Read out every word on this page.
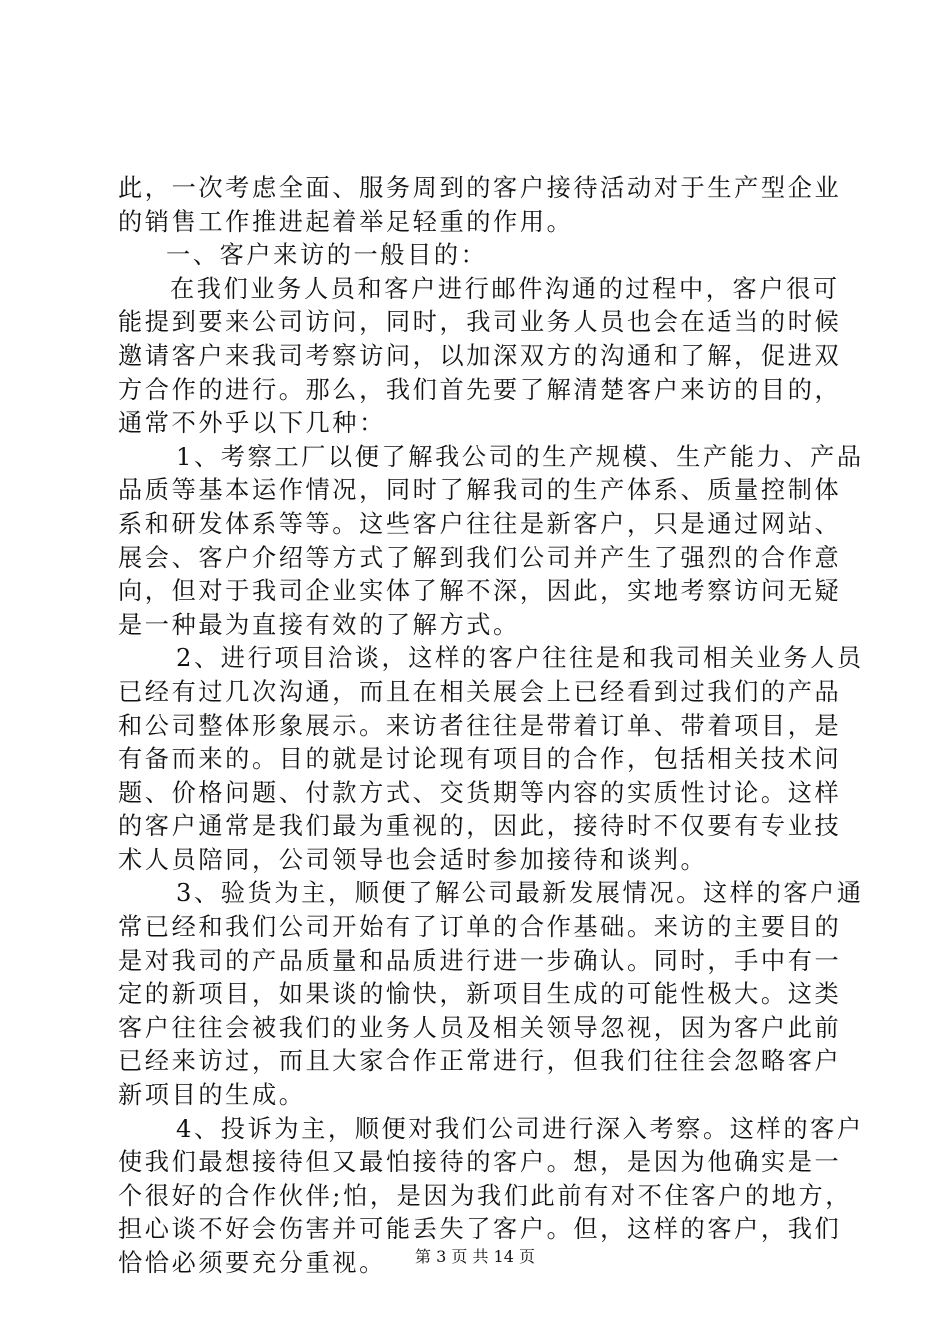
此，一次考虑全面、服务周到的客户接待活动对于生产型企业
的销售工作推进起着举足轻重的作用。
一、客户来访的一般目的：
在我们业务人员和客户进行邮件沟通的过程中，客户很可
能提到要来公司访问，同时，我司业务人员也会在适当的时候
邀请客户来我司考察访问，以加深双方的沟通和了解，促进双
方合作的进行。那么，我们首先要了解清楚客户来访的目的，
通常不外乎以下几种：
1、考察工厂以便了解我公司的生产规模、生产能力、产品
品质等基本运作情况，同时了解我司的生产体系、质量控制体
系和研发体系等等。这些客户往往是新客户，只是通过网站、
展会、客户介绍等方式了解到我们公司并产生了强烈的合作意
向，但对于我司企业实体了解不深，因此，实地考察访问无疑
是一种最为直接有效的了解方式。
2、进行项目洽谈，这样的客户往往是和我司相关业务人员
已经有过几次沟通，而且在相关展会上已经看到过我们的产品
和公司整体形象展示。来访者往往是带着订单、带着项目，是
有备而来的。目的就是讨论现有项目的合作，包括相关技术问
题、价格问题、付款方式、交货期等内容的实质性讨论。这样
的客户通常是我们最为重视的，因此，接待时不仅要有专业技
术人员陪同，公司领导也会适时参加接待和谈判。
3、验货为主，顺便了解公司最新发展情况。这样的客户通
常已经和我们公司开始有了订单的合作基础。来访的主要目的
是对我司的产品质量和品质进行进一步确认。同时，手中有一
定的新项目，如果谈的愉快，新项目生成的可能性极大。这类
客户往往会被我们的业务人员及相关领导忽视，因为客户此前
已经来访过，而且大家合作正常进行，但我们往往会忽略客户
新项目的生成。
4、投诉为主，顺便对我们公司进行深入考察。这样的客户
使我们最想接待但又最怕接待的客户。想，是因为他确实是一
个很好的合作伙伴;怕，是因为我们此前有对不住客户的地方，
担心谈不好会伤害并可能丢失了客户。但，这样的客户，我们
恰恰必须要充分重视。	第 3 页 共 14 页
